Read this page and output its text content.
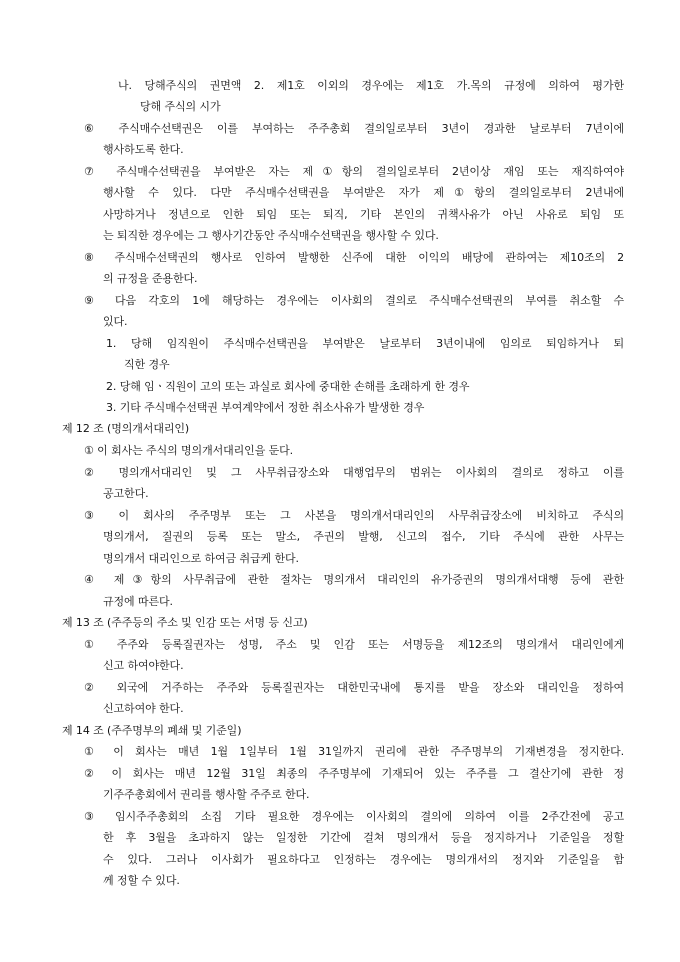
나. 당해주식의 권면액 2. 제1호 이외의 경우에는 제1호 가.목의 규정에 의하여 평가한
당해 주식의 시가
⑥ 주식매수선택권은 이를 부여하는 주주총회 결의일로부터 3년이 경과한 날로부터 7년이에
행사하도록 한다.
⑦ 주식매수선택권을 부여받은 자는 제①항의 결의일로부터 2년이상 재임 또는 재직하여야
행사할 수 있다. 다만 주식매수선택권을 부여받은 자가 제①항의 결의일로부터 2년내에
사망하거나 정년으로 인한 퇴임 또는 퇴직, 기타 본인의 귀책사유가 아닌 사유로 퇴임 또
는 퇴직한 경우에는 그 행사기간동안 주식매수선택권을 행사할 수 있다.
⑧ 주식매수선택권의 행사로 인하여 발행한 신주에 대한 이익의 배당에 관하여는 제10조의 2
의 규정을 준용한다.
⑨ 다음 각호의 1에 해당하는 경우에는 이사회의 결의로 주식매수선택권의 부여를 취소할 수
있다.
1. 당해 임직원이 주식매수선택권을 부여받은 날로부터 3년이내에 임의로 퇴임하거나 퇴
직한 경우
2. 당해 임ㆍ직원이 고의 또는 과실로 회사에 중대한 손해를 초래하게 한 경우
3. 기타 주식매수선택권 부여계약에서 정한 취소사유가 발생한 경우
제 12 조 (명의개서대리인)
① 이 회사는 주식의 명의개서대리인을 둔다.
② 명의개서대리인 및 그 사무취급장소와 대행업무의 범위는 이사회의 결의로 정하고 이를
공고한다.
③ 이 회사의 주주명부 또는 그 사본을 명의개서대리인의 사무취급장소에 비치하고 주식의
명의개서, 질권의 등록 또는 말소, 주권의 발행, 신고의 접수, 기타 주식에 관한 사무는
명의개서 대리인으로 하여금 취급케 한다.
④ 제③항의 사무취급에 관한 절차는 명의개서 대리인의 유가증권의 명의개서대행 등에 관한
규정에 따른다.
제 13 조 (주주등의 주소 및 인감 또는 서명 등 신고)
① 주주와 등록질권자는 성명, 주소 및 인감 또는 서명등을 제12조의 명의개서 대리인에게
신고 하여야한다.
② 외국에 거주하는 주주와 등록질권자는 대한민국내에 통지를 받을 장소와 대리인을 정하여
신고하여야 한다.
제 14 조 (주주명부의 폐쇄 및 기준일)
① 이 회사는 매년 1월 1일부터 1월 31일까지 권리에 관한 주주명부의 기재변경을 정지한다.
② 이 회사는 매년 12월 31일 최종의 주주명부에 기재되어 있는 주주를 그 결산기에 관한 정
기주주총회에서 권리를 행사할 주주로 한다.
③ 임시주주총회의 소집 기타 필요한 경우에는 이사회의 결의에 의하여 이를 2주간전에 공고
한 후 3월을 초과하지 않는 일정한 기간에 걸쳐 명의개서 등을 정지하거나 기준일을 정할
수 있다. 그러나 이사회가 필요하다고 인정하는 경우에는 명의개서의 정지와 기준일을 함
께 정할 수 있다.
